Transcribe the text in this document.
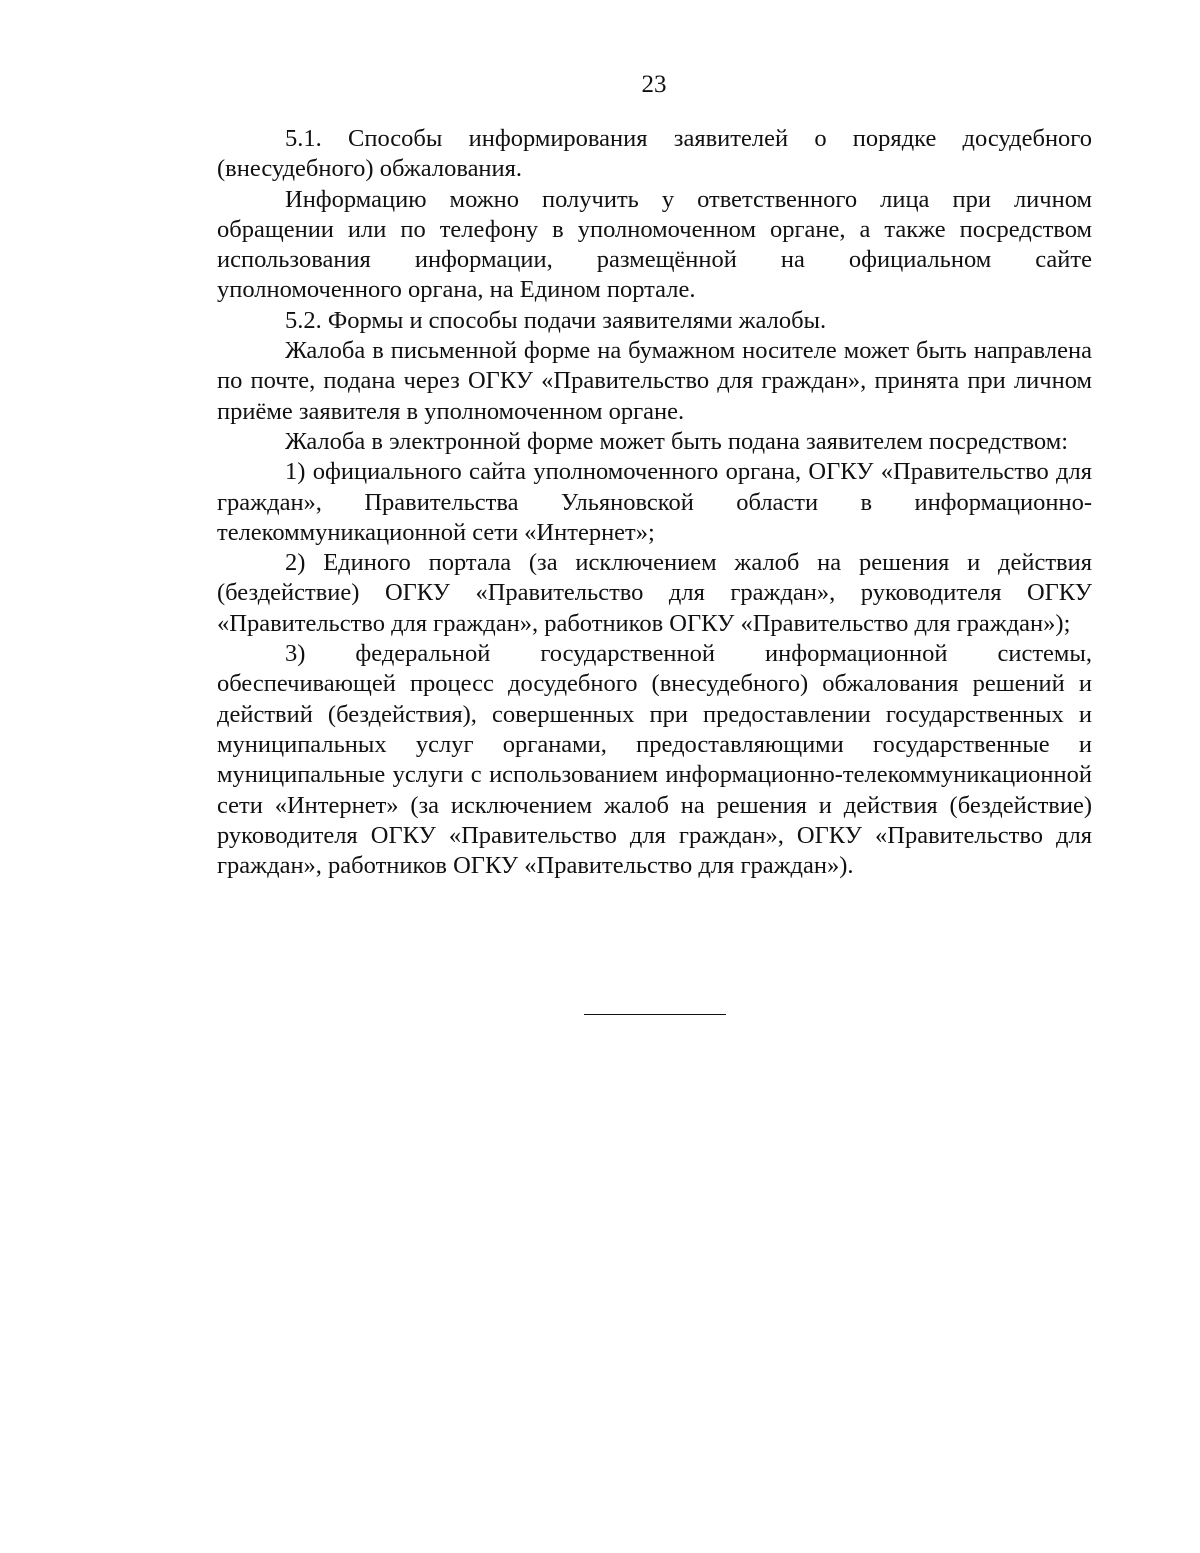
23

5.1. Способы информирования заявителей о порядке досудебного (внесудебного) обжалования.

Информацию можно получить у ответственного лица при личном обращении или по телефону в уполномоченном органе, а также посредством использования информации, размещённой на официальном сайте уполномоченного органа, на Едином портале.

5.2. Формы и способы подачи заявителями жалобы.

Жалоба в письменной форме на бумажном носителе может быть направлена по почте, подана через ОГКУ «Правительство для граждан», принята при личном приёме заявителя в уполномоченном органе.

Жалоба в электронной форме может быть подана заявителем посредством:

1) официального сайта уполномоченного органа, ОГКУ «Правительство для граждан», Правительства Ульяновской области в информационно-телекоммуникационной сети «Интернет»;

2) Единого портала (за исключением жалоб на решения и действия (бездействие) ОГКУ «Правительство для граждан», руководителя ОГКУ «Правительство для граждан», работников ОГКУ «Правительство для граждан»);

3) федеральной государственной информационной системы, обеспечивающей процесс досудебного (внесудебного) обжалования решений и действий (бездействия), совершенных при предоставлении государственных и муниципальных услуг органами, предоставляющими государственные и муниципальные услуги с использованием информационно-телекоммуникационной сети «Интернет» (за исключением жалоб на решения и действия (бездействие) руководителя ОГКУ «Правительство для граждан», ОГКУ «Правительство для граждан», работников ОГКУ «Правительство для граждан»).
